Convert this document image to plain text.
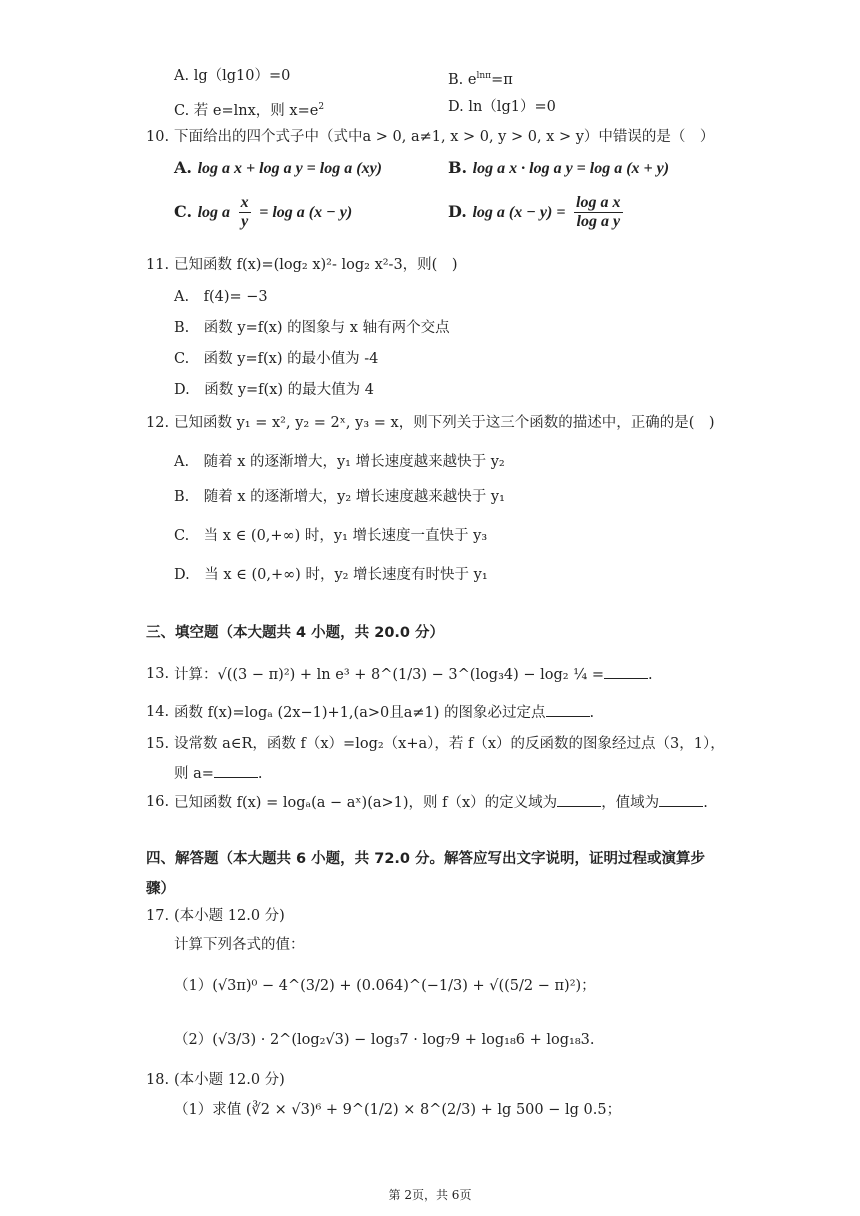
A. lg（lg10）=0	B. $e^{ln\pi}=\pi$
C. 若 e=lnx，则 $x=e^2$	D. ln（lg1）=0
10. 下面给出的四个式子中（式中a > 0, a≠1, x > 0, y > 0, x > y）中错误的是（　）
A. log a x + log a y = log a (xy)	B. log a x · log a y = log a (x + y)
C. log a $\frac{x}{y} = \log a$ (x − y)	D. log a $(x - y) = \frac{\text{log a x}}{\text{log a y}}$
11. 已知函数 f(x)=(log₂ x)²- log₂ x²-3，则(　)
A.　f(4)= −3
B.　函数 y=f(x) 的图象与 x 轴有两个交点
C.　函数 y=f(x) 的最小值为 -4
D.　函数 y=f(x) 的最大值为 4
12. 已知函数 y₁ = x², y₂ = 2ˣ, y₃ = x，则下列关于这三个函数的描述中，正确的是(　)
A.　随着 x 的逐渐增大，y₁ 增长速度越来越快于 y₂
B.　随着 x 的逐渐增大，y₂ 增长速度越来越快于 y₁
C.　当 x ∈ (0,+∞) 时，y₁ 增长速度一直快于 y₃
D.　当 x ∈ (0,+∞) 时，y₂ 增长速度有时快于 y₁
三、填空题（本大题共 4 小题，共 20.0 分）
13. 计算：√((3 − π)²) + ln e³ + 8^(1/3) − 3^(log₃4) − log₂ ¼ =	.
14. 函数 f(x)=logₐ (2x−1)+1,(a>0且a≠1) 的图象必过定点	.
15. 设常数 a∈R，函数 f（x）=log₂（x+a），若 f（x）的反函数的图象经过点（3，1），
则 a=	.
16. 已知函数 f(x) = logₐ(a − aˣ)(a>1)，则 f（x）的定义域为	，值域为	.
四、解答题（本大题共 6 小题，共 72.0 分。解答应写出文字说明，证明过程或演算步
骤）
17. (本小题 12.0 分)
计算下列各式的值：
（1）(√3π)⁰ − 4^(3/2) + (0.064)^(−1/3) + √((5/2 − π)²)；
（2）(√3/3) · 2^(log₂√3) − log₃7 · log₇9 + log₁₈6 + log₁₈3.
18. (本小题 12.0 分)
（1）求值 (∛2 × √3)⁶ + 9^(1/2) × 8^(2/3) + lg 500 − lg 0.5；
第 2页，共 6页
